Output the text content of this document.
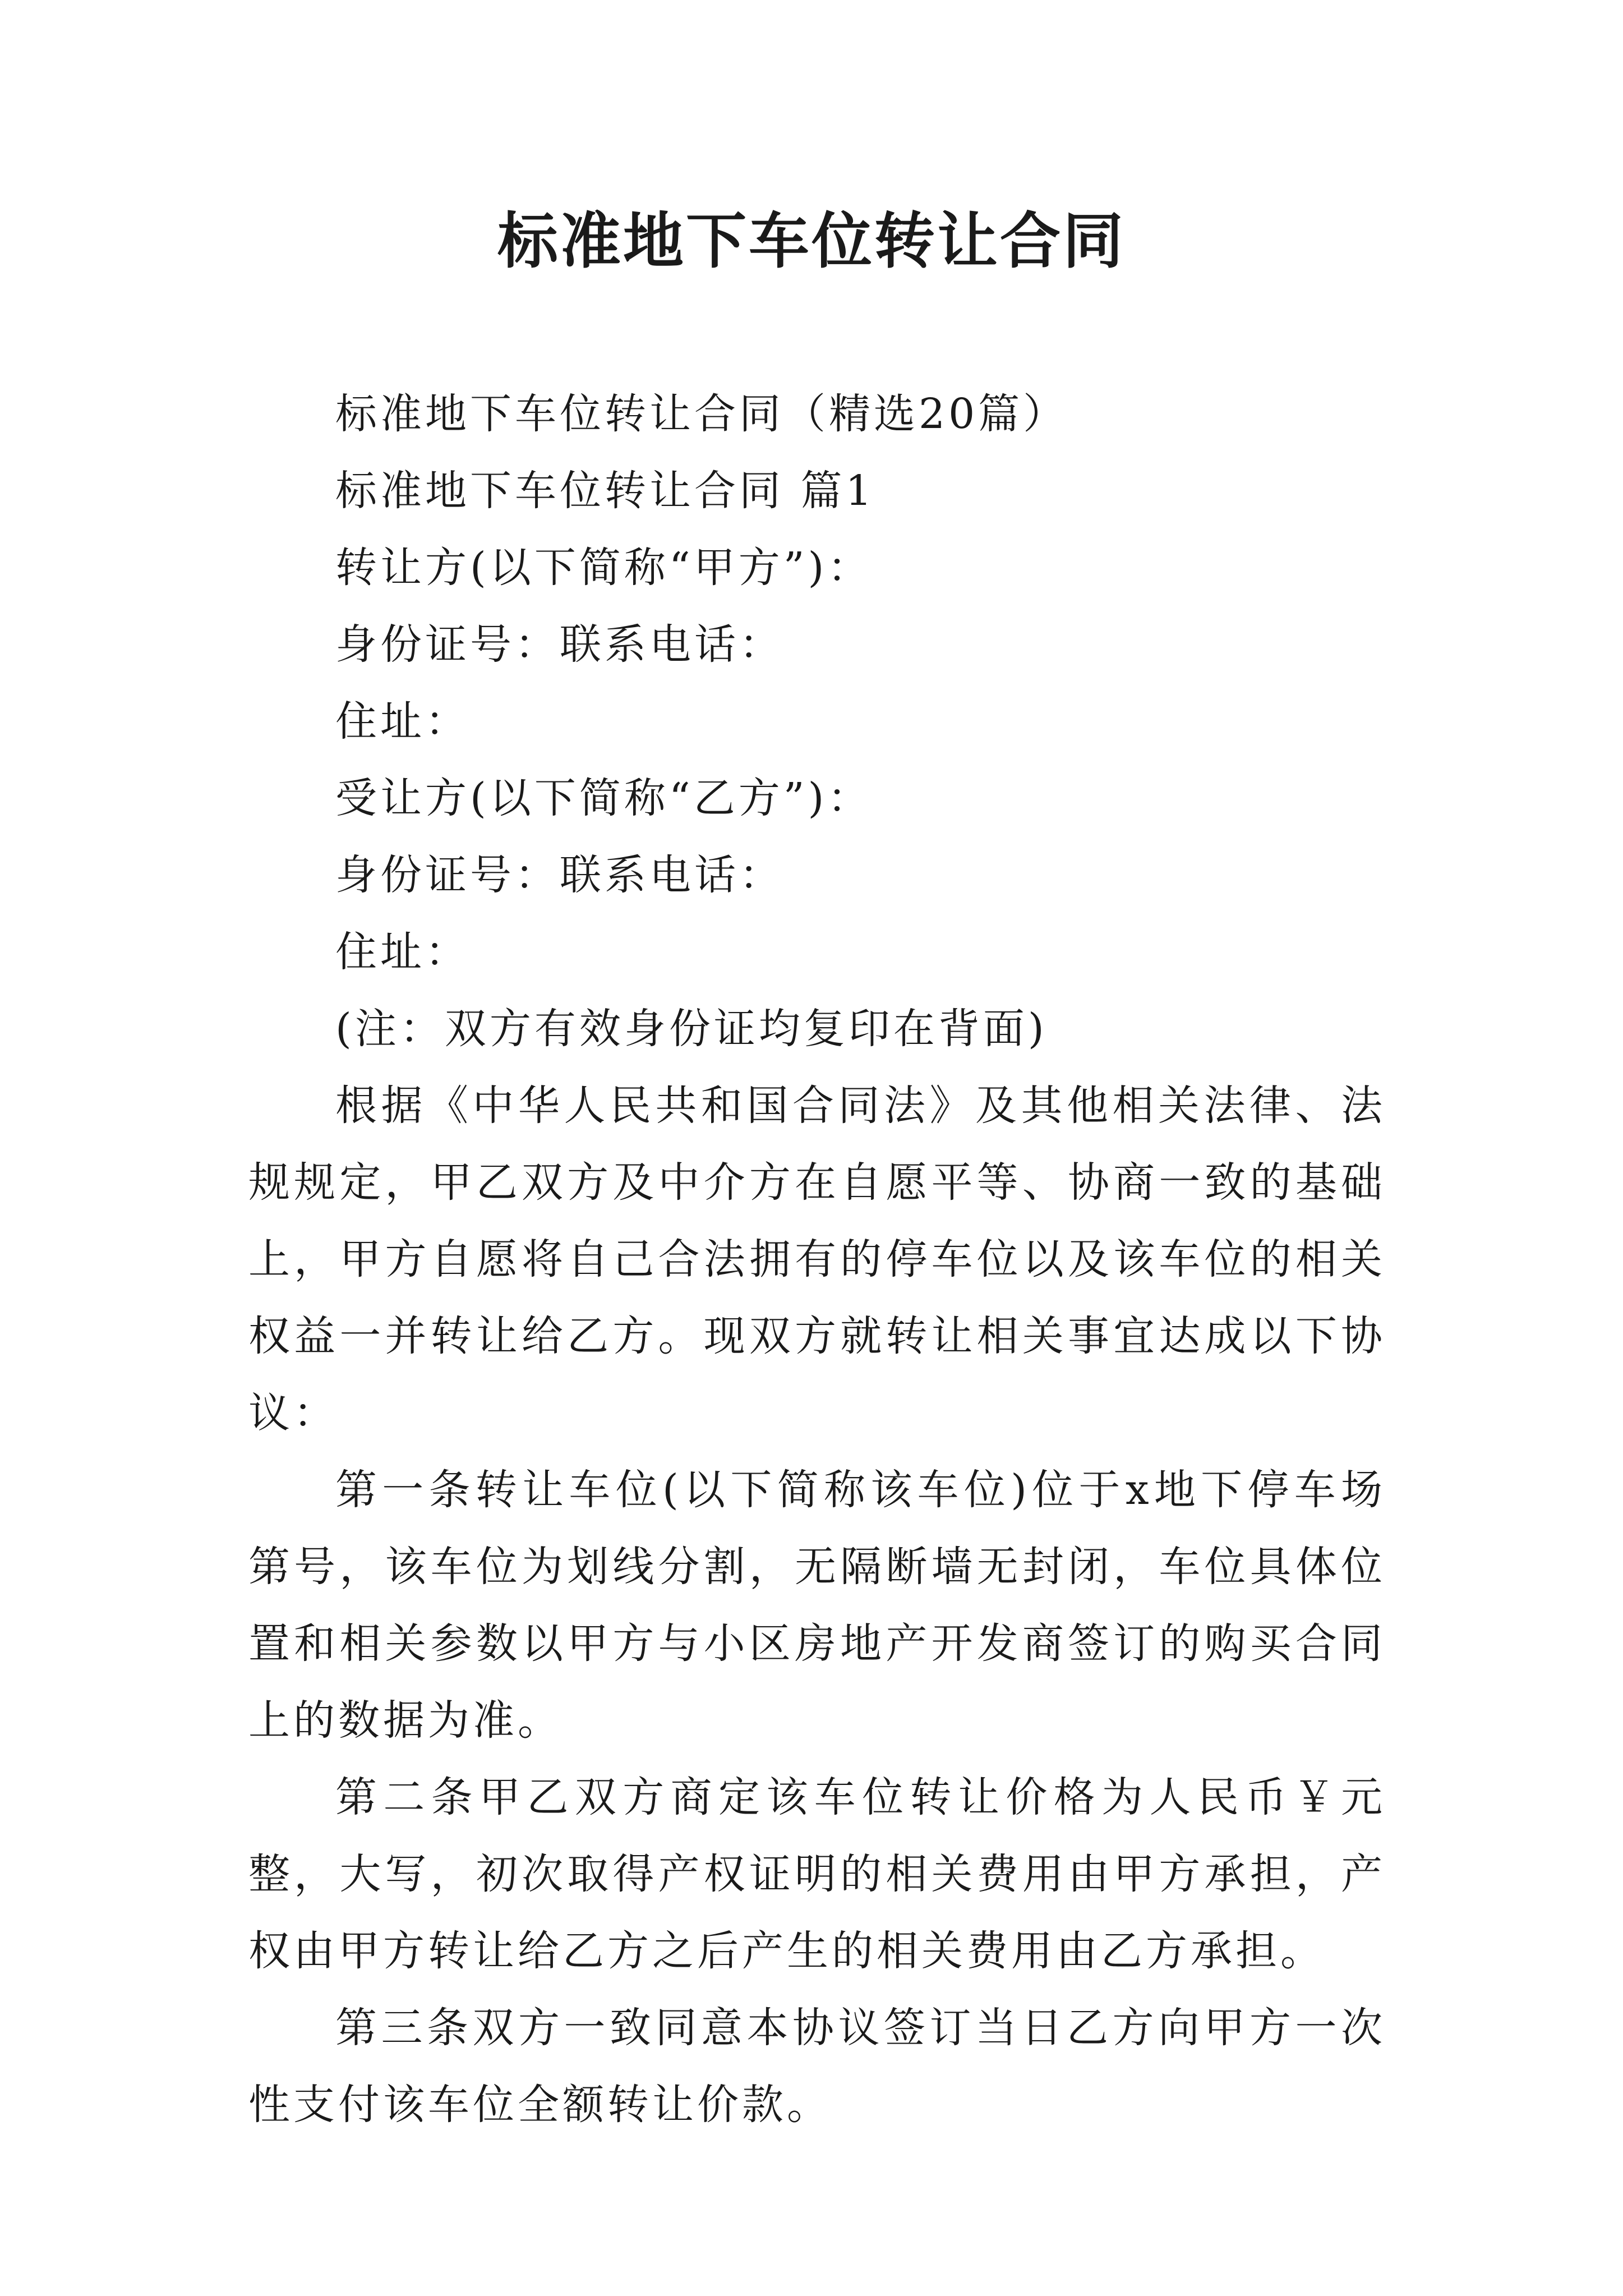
标准地下车位转让合同
标准地下车位转让合同（精选20篇）
标准地下车位转让合同 篇1
转让方(以下简称“甲方”)：
身份证号：联系电话：
住址：
受让方(以下简称“乙方”)：
身份证号：联系电话：
住址：
(注：双方有效身份证均复印在背面)
根据《中华人民共和国合同法》及其他相关法律、法规规定，甲乙双方及中介方在自愿平等、协商一致的基础上，甲方自愿将自己合法拥有的停车位以及该车位的相关权益一并转让给乙方。现双方就转让相关事宜达成以下协议：
第一条转让车位(以下简称该车位)位于x地下停车场第号，该车位为划线分割，无隔断墙无封闭，车位具体位置和相关参数以甲方与小区房地产开发商签订的购买合同上的数据为准。
第二条甲乙双方商定该车位转让价格为人民币￥元整，大写，初次取得产权证明的相关费用由甲方承担，产权由甲方转让给乙方之后产生的相关费用由乙方承担。
第三条双方一致同意本协议签订当日乙方向甲方一次性支付该车位全额转让价款。
